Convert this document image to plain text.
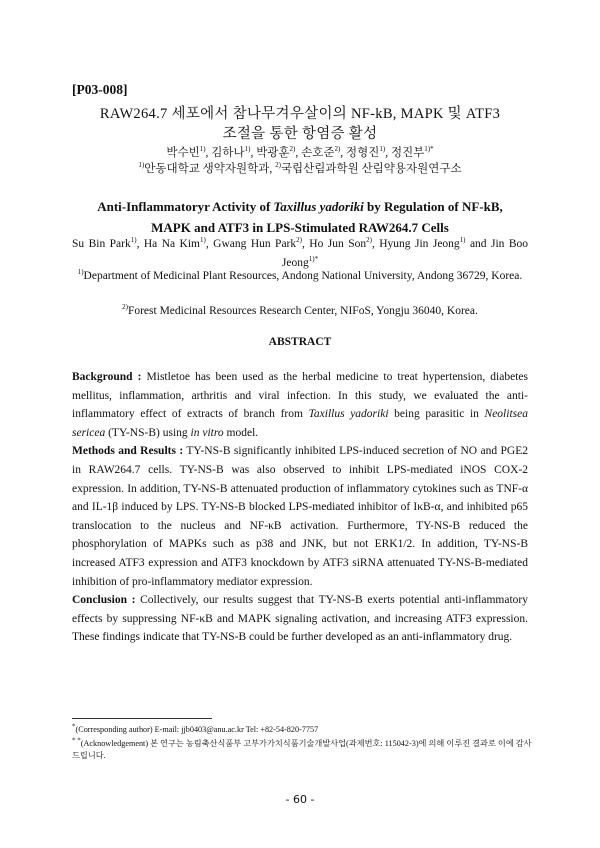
[P03-008]
RAW264.7 세포에서 참나무겨우살이의 NF-kB, MAPK 및 ATF3
조절을 통한 항염증 활성
박수빈$^{1)}$, 김하나$^{1)}$, 박광훈$^{2)}$, 손호준$^{2)}$, 정형진$^{1)}$, 정진부$^{1)*}$
$^{1)}$안동대학교 생약자원학과, $^{2)}$국립산림과학원 산림약용자원연구소
Anti-Inflammatoryr Activity of Taxillus yadoriki by Regulation of NF-kB,
MAPK and ATF3 in LPS-Stimulated RAW264.7 Cells
Su Bin Park$^{1)}$, Ha Na Kim$^{1)}$, Gwang Hun Park$^{2)}$, Ho Jun Son$^{2)}$, Hyung Jin Jeong$^{1)}$ and Jin Boo Jeong$^{1)*}$
$^{1)}$Department of Medicinal Plant Resources, Andong National University, Andong 36729, Korea.
$^{2)}$Forest Medicinal Resources Research Center, NIFoS, Yongju 36040, Korea.
ABSTRACT

Background : Mistletoe has been used as the herbal medicine to treat hypertension, diabetes mellitus, inflammation, arthritis and viral infection. In this study, we evaluated the anti-inflammatory effect of extracts of branch from Taxillus yadoriki being parasitic in Neolitsea sericea (TY-NS-B) using in vitro model.

Methods and Results : TY-NS-B significantly inhibited LPS-induced secretion of NO and PGE2 in RAW264.7 cells. TY-NS-B was also observed to inhibit LPS-mediated iNOS COX-2 expression. In addition, TY-NS-B attenuated production of inflammatory cytokines such as TNF-α and IL-1β induced by LPS. TY-NS-B blocked LPS-mediated inhibitor of IκB-α, and inhibited p65 translocation to the nucleus and NF-κB activation. Furthermore, TY-NS-B reduced the phosphorylation of MAPKs such as p38 and JNK, but not ERK1/2. In addition, TY-NS-B increased ATF3 expression and ATF3 knockdown by ATF3 siRNA attenuated TY-NS-B-mediated inhibition of pro-inflammatory mediator expression.

Conclusion : Collectively, our results suggest that TY-NS-B exerts potential anti-inflammatory effects by suppressing NF-κB and MAPK signaling activation, and increasing ATF3 expression. These findings indicate that TY-NS-B could be further developed as an anti-inflammatory drug.

*(Corresponding author) E-mail: jjb0403@anu.ac.kr Tel: +82-54-820-7757
* *(Acknowledgement) 본 연구는 농림축산식품부 고부가가치식품기술개발사업(과제번호: 115042-3)에 의해 이루진 결과로 이에 감사드립니다.
- 60 -
